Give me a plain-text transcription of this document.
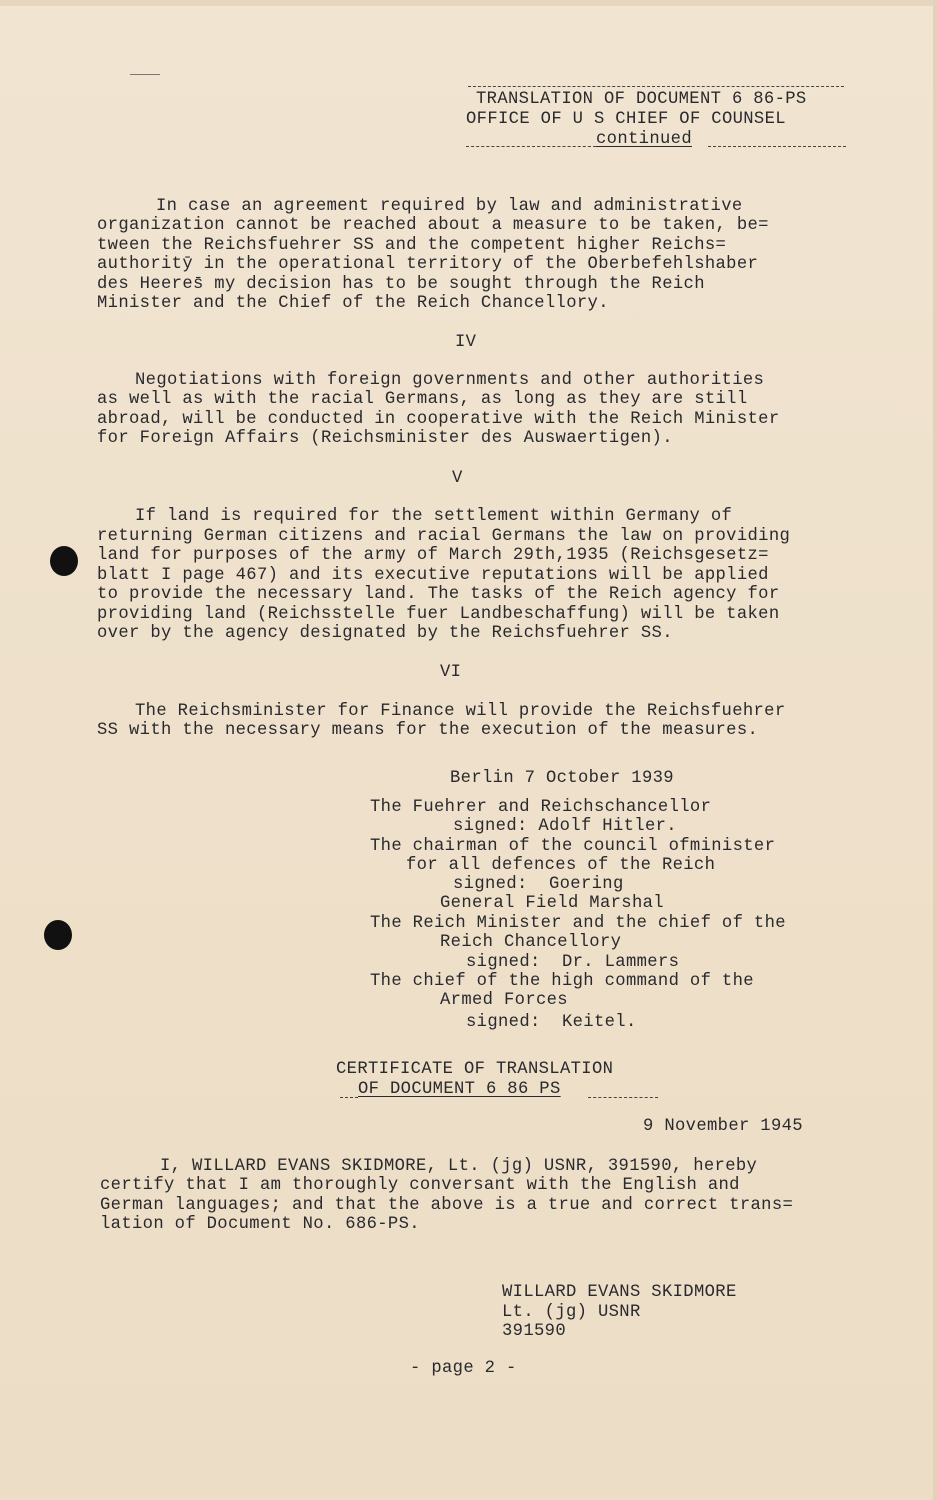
TRANSLATION OF DOCUMENT 6 86-PS
OFFICE OF U S CHIEF OF COUNSEL
continued
In case an agreement required by law and administrative
organization cannot be reached about a measure to be taken, be=
tween the Reichsfuehrer SS and the competent higher Reichs=
authoritȳ in the operational territory of the Oberbefehlshaber
des Heeres̄ my decision has to be sought through the Reich
Minister and the Chief of the Reich Chancellory.
IV
Negotiations with foreign governments and other authorities
as well as with the racial Germans, as long as they are still
abroad, will be conducted in cooperative with the Reich Minister
for Foreign Affairs (Reichsminister des Auswaertigen).
V
If land is required for the settlement within Germany of
returning German citizens and racial Germans the law on providing
land for purposes of the army of March 29th,1935 (Reichsgesetz=
blatt I page 467) and its executive reputations will be applied
to provide the necessary land. The tasks of the Reich agency for
providing land (Reichsstelle fuer Landbeschaffung) will be taken
over by the agency designated by the Reichsfuehrer SS.
VI
The Reichsminister for Finance will provide the Reichsfuehrer
SS with the necessary means for the execution of the measures.
Berlin 7 October 1939
The Fuehrer and Reichschancellor
signed: Adolf Hitler.
The chairman of the council ofminister
for all defences of the Reich
signed:  Goering
General Field Marshal
The Reich Minister and the chief of the
Reich Chancellory
signed:  Dr. Lammers
The chief of the high command of the
Armed Forces
signed:  Keitel.
CERTIFICATE OF TRANSLATION
OF DOCUMENT 6 86 PS
9 November 1945
I, WILLARD EVANS SKIDMORE, Lt. (jg) USNR, 391590, hereby
certify that I am thoroughly conversant with the English and
German languages; and that the above is a true and correct trans=
lation of Document No. 686-PS.
WILLARD EVANS SKIDMORE
Lt. (jg) USNR
391590
- page 2 -
